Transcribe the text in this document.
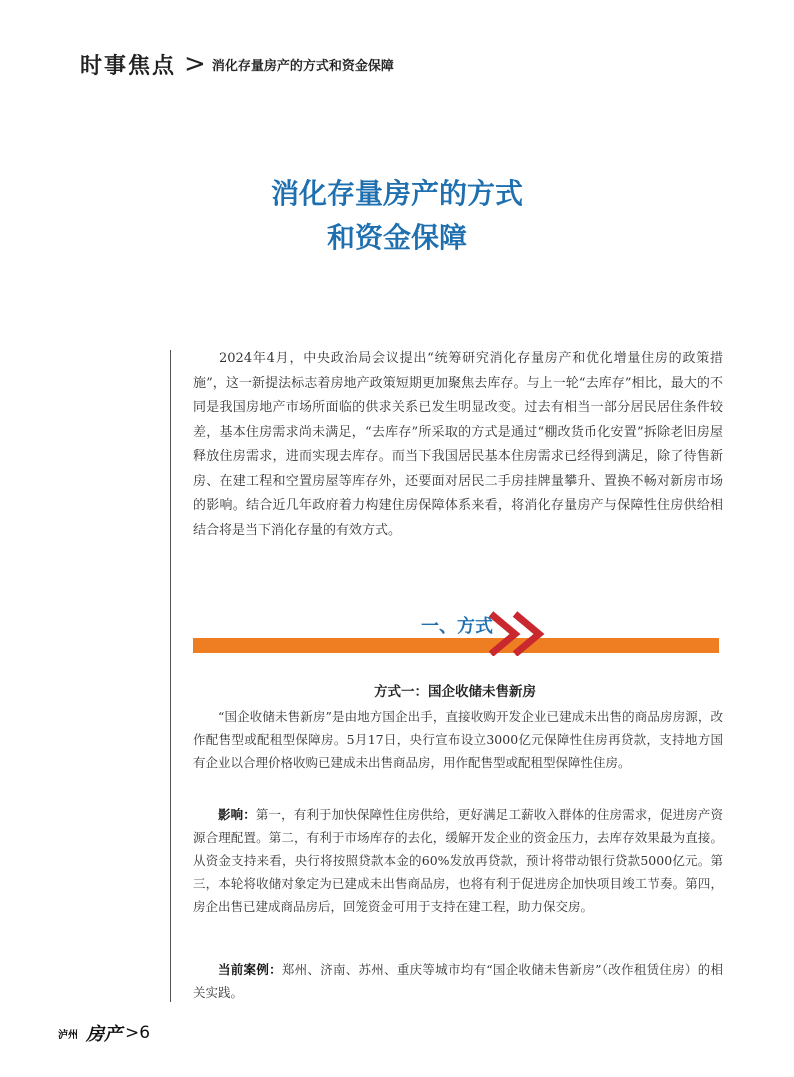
时事焦点 > 消化存量房产的方式和资金保障
消化存量房产的方式
和资金保障

2024年4月，中央政治局会议提出“统筹研究消化存量房产和优化增量住房的政策措施”，这一新提法标志着房地产政策短期更加聚焦去库存。与上一轮“去库存”相比，最大的不同是我国房地产市场所面临的供求关系已发生明显改变。过去有相当一部分居民居住条件较差，基本住房需求尚未满足，“去库存”所采取的方式是通过“棚改货币化安置”拆除老旧房屋释放住房需求，进而实现去库存。而当下我国居民基本住房需求已经得到满足，除了待售新房、在建工程和空置房屋等库存外，还要面对居民二手房挂牌量攀升、置换不畅对新房市场的影响。结合近几年政府着力构建住房保障体系来看，将消化存量房产与保障性住房供给相结合将是当下消化存量的有效方式。

一、方式
方式一：国企收储未售新房

“国企收储未售新房”是由地方国企出手，直接收购开发企业已建成未出售的商品房房源，改作配售型或配租型保障房。5月17日，央行宣布设立3000亿元保障性住房再贷款，支持地方国有企业以合理价格收购已建成未出售商品房，用作配售型或配租型保障性住房。

影响：第一，有利于加快保障性住房供给，更好满足工薪收入群体的住房需求，促进房产资源合理配置。第二，有利于市场库存的去化，缓解开发企业的资金压力，去库存效果最为直接。从资金支持来看，央行将按照贷款本金的60%发放再贷款，预计将带动银行贷款5000亿元。第三，本轮将收储对象定为已建成未出售商品房，也将有利于促进房企加快项目竣工节奏。第四，房企出售已建成商品房后，回笼资金可用于支持在建工程，助力保交房。

当前案例：郑州、济南、苏州、重庆等城市均有“国企收储未售新房”（改作租赁住房）的相关实践。

泸州 房产 >6
